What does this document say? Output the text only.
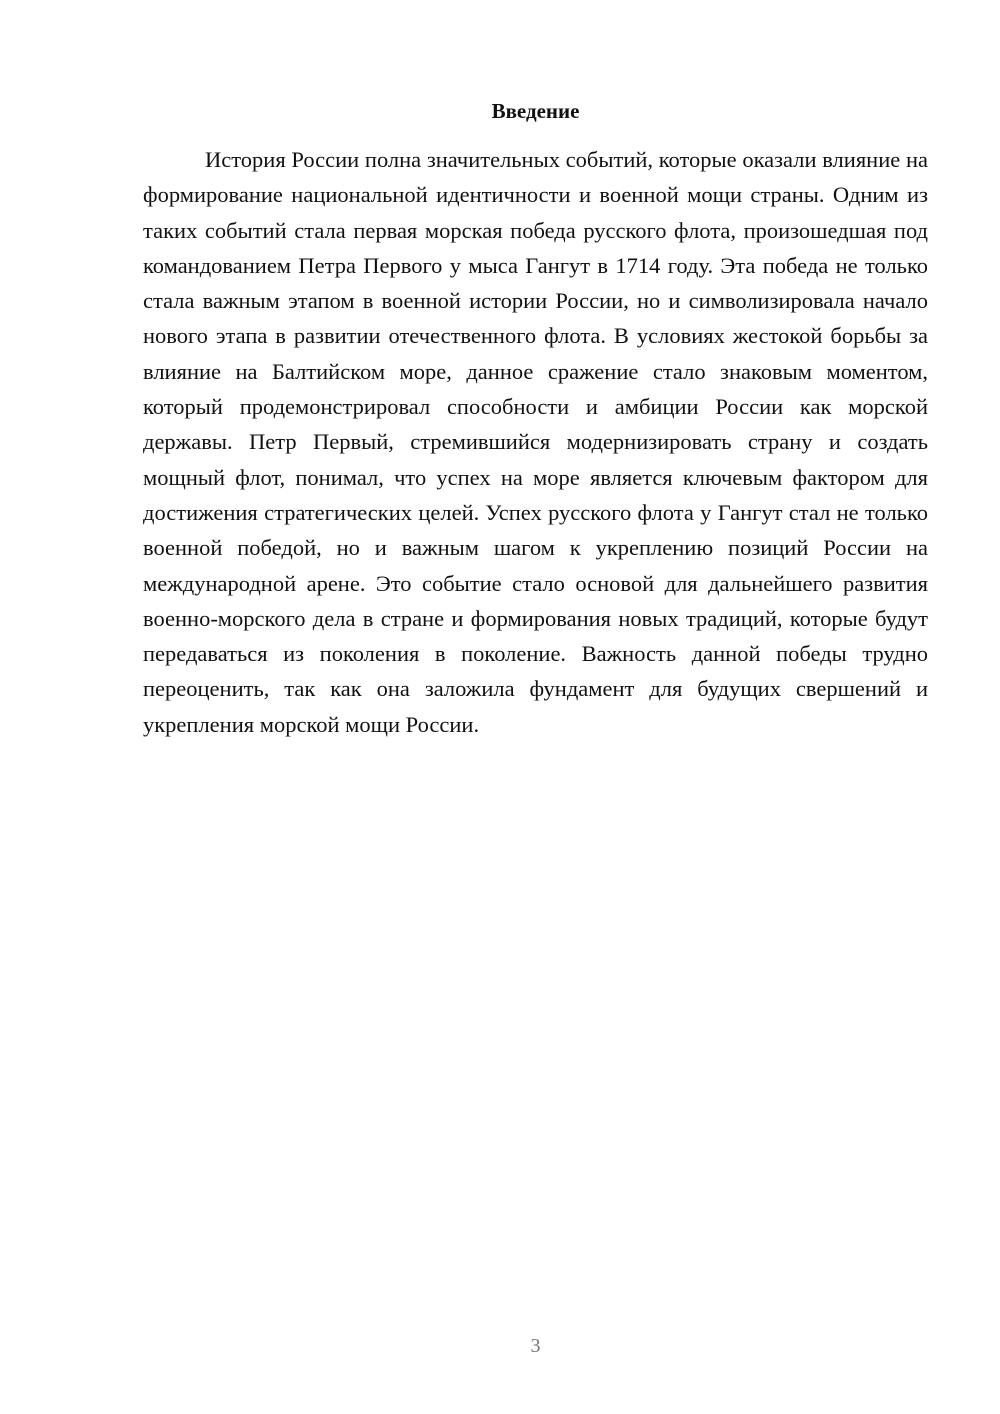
Введение

История России полна значительных событий, которые оказали влияние на формирование национальной идентичности и военной мощи страны. Одним из таких событий стала первая морская победа русского флота, произошедшая под командованием Петра Первого у мыса Гангут в 1714 году. Эта победа не только стала важным этапом в военной истории России, но и символизировала начало нового этапа в развитии отечественного флота. В условиях жестокой борьбы за влияние на Балтийском море, данное сражение стало знаковым моментом, который продемонстрировал способности и амбиции России как морской державы. Петр Первый, стремившийся модернизировать страну и создать мощный флот, понимал, что успех на море является ключевым фактором для достижения стратегических целей. Успех русского флота у Гангут стал не только военной победой, но и важным шагом к укреплению позиций России на международной арене. Это событие стало основой для дальнейшего развития военно-морского дела в стране и формирования новых традиций, которые будут передаваться из поколения в поколение. Важность данной победы трудно переоценить, так как она заложила фундамент для будущих свершений и укрепления морской мощи России.

3
